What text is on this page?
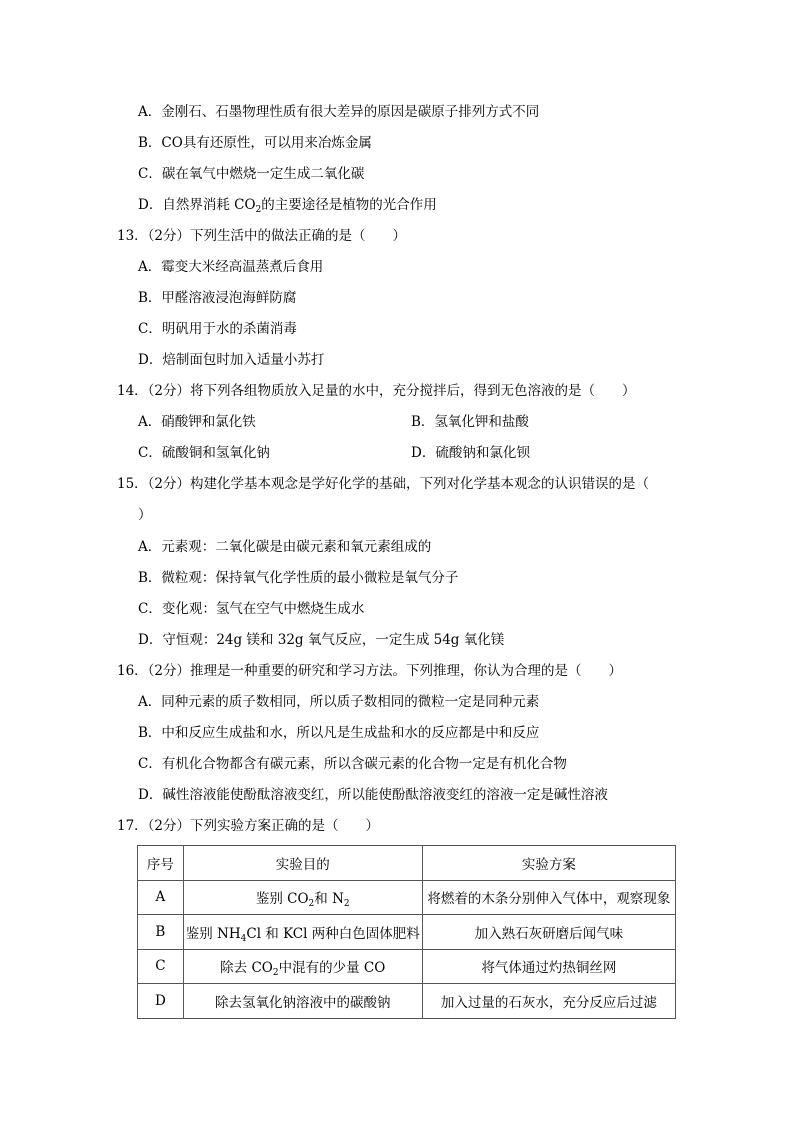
A．金刚石、石墨物理性质有很大差异的原因是碳原子排列方式不同
B．CO具有还原性，可以用来冶炼金属
C．碳在氧气中燃烧一定生成二氧化碳
D．自然界消耗 $CO_2$的主要途径是植物的光合作用
13．（2分）下列生活中的做法正确的是（　　）
A．霉变大米经高温蒸煮后食用
B．甲醛溶液浸泡海鲜防腐
C．明矾用于水的杀菌消毒
D．焙制面包时加入适量小苏打
14．（2分）将下列各组物质放入足量的水中，充分搅拌后，得到无色溶液的是（　　）
A．硝酸钾和氯化铁	B．氢氧化钾和盐酸
C．硫酸铜和氢氧化钠	D．硫酸钠和氯化钡
15．（2分）构建化学基本观念是学好化学的基础，下列对化学基本观念的认识错误的是（
）
A．元素观：二氧化碳是由碳元素和氧元素组成的
B．微粒观：保持氧气化学性质的最小微粒是氧气分子
C．变化观：氢气在空气中燃烧生成水
D．守恒观：24g 镁和 32g 氧气反应，一定生成 54g 氧化镁
16．（2分）推理是一种重要的研究和学习方法。下列推理，你认为合理的是（　　）
A．同种元素的质子数相同，所以质子数相同的微粒一定是同种元素
B．中和反应生成盐和水，所以凡是生成盐和水的反应都是中和反应
C．有机化合物都含有碳元素，所以含碳元素的化合物一定是有机化合物
D．碱性溶液能使酚酞溶液变红，所以能使酚酞溶液变红的溶液一定是碱性溶液
17．（2分）下列实验方案正确的是（　　）
序号	实验目的	实验方案
A	鉴别 $CO_2$和 $N_2$	将燃着的木条分别伸入气体中，观察现象
B	鉴别 $NH_4Cl$ 和 KCl 两种白色固体肥料	加入熟石灰研磨后闻气味
C	除去 $CO_2$中混有的少量 CO	将气体通过灼热铜丝网
D	除去氢氧化钠溶液中的碳酸钠	加入过量的石灰水，充分反应后过滤
